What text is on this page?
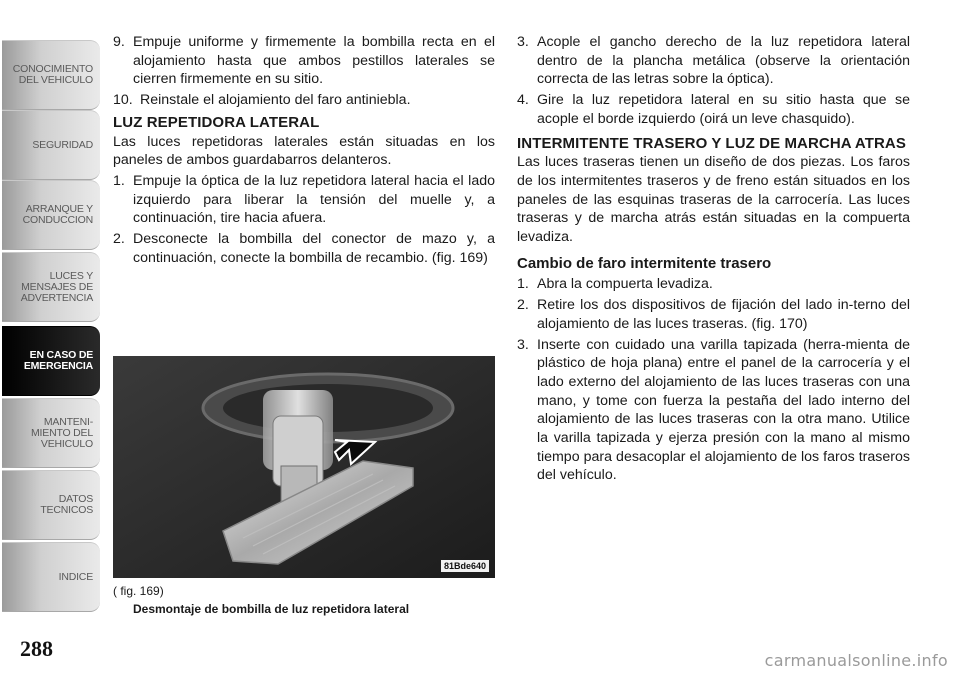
CONOCIMIENTO
DEL VEHICULO
SEGURIDAD
ARRANQUE Y
CONDUCCION
LUCES Y
MENSAJES DE
ADVERTENCIA
EN CASO DE
EMERGENCIA
MANTENI-
MIENTO DEL
VEHICULO
DATOS
TECNICOS
INDICE
288
9. Empuje uniforme y firmemente la bombilla recta en el alojamiento hasta que ambos pestillos laterales se cierren firmemente en su sitio.
10. Reinstale el alojamiento del faro antiniebla.
LUZ REPETIDORA LATERAL
Las luces repetidoras laterales están situadas en los paneles de ambos guardabarros delanteros.
1. Empuje la óptica de la luz repetidora lateral hacia el lado izquierdo para liberar la tensión del muelle y, a continuación, tire hacia afuera.
2. Desconecte la bombilla del conector de mazo y, a continuación, conecte la bombilla de recambio. (fig. 169)
81Bde640
( fig. 169)
Desmontaje de bombilla de luz repetidora lateral
3. Acople el gancho derecho de la luz repetidora lateral dentro de la plancha metálica (observe la orientación correcta de las letras sobre la óptica).
4. Gire la luz repetidora lateral en su sitio hasta que se acople el borde izquierdo (oirá un leve chasquido).
INTERMITENTE TRASERO Y LUZ DE MARCHA ATRAS
Las luces traseras tienen un diseño de dos piezas. Los faros de los intermitentes traseros y de freno están situados en los paneles de las esquinas traseras de la carrocería. Las luces traseras y de marcha atrás están situadas en la compuerta levadiza.
Cambio de faro intermitente trasero
1. Abra la compuerta levadiza.
2. Retire los dos dispositivos de fijación del lado in-terno del alojamiento de las luces traseras. (fig. 170)
3. Inserte con cuidado una varilla tapizada (herra-mienta de plástico de hoja plana) entre el panel de la carrocería y el lado externo del alojamiento de las luces traseras con una mano, y tome con fuerza la pestaña del lado interno del alojamiento de las luces traseras con la otra mano. Utilice la varilla tapizada y ejerza presión con la mano al mismo tiempo para desacoplar el alojamiento de los faros traseros del vehículo.
carmanualsonline.info
